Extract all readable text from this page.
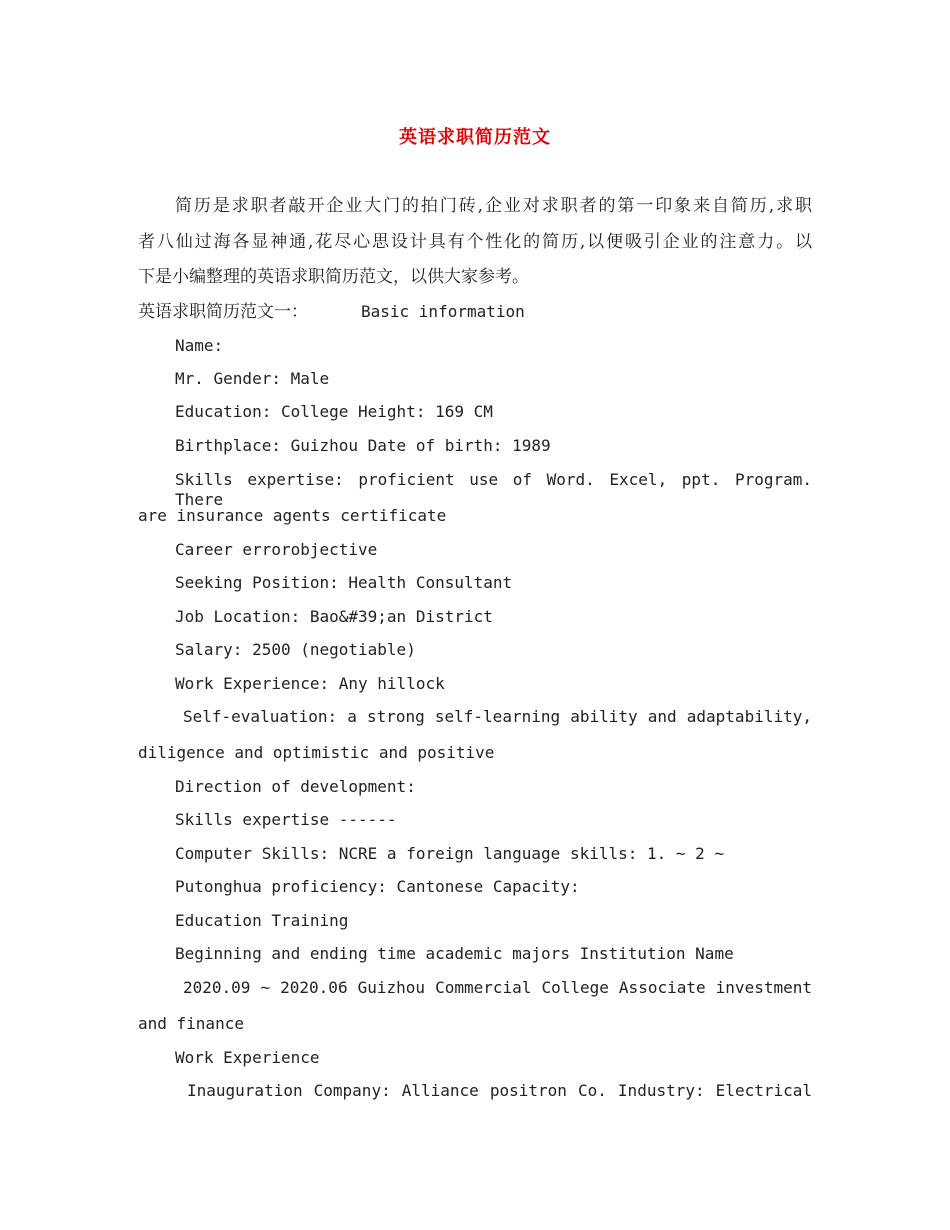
英语求职简历范文
简历是求职者敲开企业大门的拍门砖,企业对求职者的第一印象来自简历,求职
者八仙过海各显神通,花尽心思设计具有个性化的简历,以便吸引企业的注意力。以
下是小编整理的英语求职简历范文，以供大家参考。
英语求职简历范文一：	Basic information
Name:
Mr. Gender: Male
Education: College Height: 169 CM
Birthplace: Guizhou Date of birth: 1989
Skills expertise: proficient use of Word. Excel, ppt. Program. There
are insurance agents certificate
Career errorobjective
Seeking Position: Health Consultant
Job Location: Bao&#39;an District
Salary: 2500 (negotiable)
Work Experience: Any hillock
Self-evaluation: a strong self-learning ability and adaptability,
diligence and optimistic and positive
Direction of development:
Skills expertise ------
Computer Skills: NCRE a foreign language skills: 1. ~ 2 ~
Putonghua proficiency: Cantonese Capacity:
Education Training
Beginning and ending time academic majors Institution Name
2020.09 ~ 2020.06 Guizhou Commercial College Associate investment
and finance
Work Experience
Inauguration Company: Alliance positron Co. Industry: Electrical
